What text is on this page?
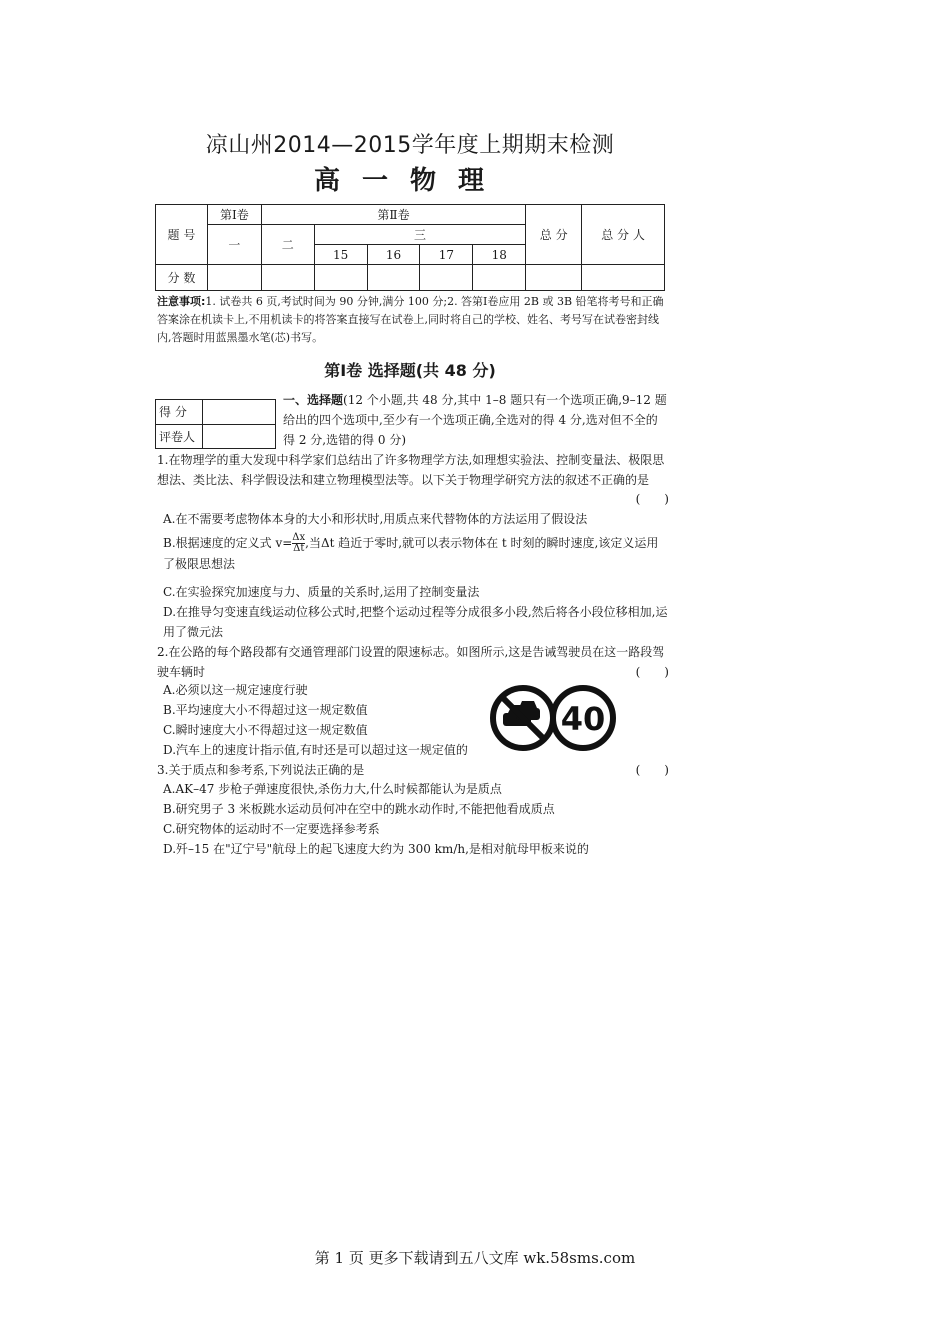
凉山州2014—2015学年度上期期末检测
高一物理
题 号	第Ⅰ卷	第Ⅱ卷					总 分	总 分 人
	一	二	三					
			15	16	17	18		
分 数								
注意事项:1. 试卷共 6 页,考试时间为 90 分钟,满分 100 分;2. 答第Ⅰ卷应用 2B 或 3B 铅笔将考号和正确答案涂在机读卡上,不用机读卡的将答案直接写在试卷上,同时将自己的学校、姓名、考号写在试卷密封线内,答题时用蓝黑墨水笔(芯)书写。
第Ⅰ卷 选择题(共 48 分)
得 分	
评卷人	
一、选择题(12 个小题,共 48 分,其中 1–8 题只有一个选项正确,9–12 题给出的四个选项中,至少有一个选项正确,全选对的得 4 分,选对但不全的得 2 分,选错的得 0 分)
1.在物理学的重大发现中科学家们总结出了许多物理学方法,如理想实验法、控制变量法、极限思想法、类比法、科学假设法和建立物理模型法等。以下关于物理学研究方法的叙述不正确的是
(　　)
A.在不需要考虑物体本身的大小和形状时,用质点来代替物体的方法运用了假设法
B.根据速度的定义式 $v= \frac{\Delta x}{\Delta t}$ ,当Δt 趋近于零时,就可以表示物体在 t 时刻的瞬时速度,该定义运用了极限思想法
C.在实验探究加速度与力、质量的关系时,运用了控制变量法
D.在推导匀变速直线运动位移公式时,把整个运动过程等分成很多小段,然后将各小段位移相加,运用了微元法
2.在公路的每个路段都有交通管理部门设置的限速标志。如图所示,这是告诫驾驶员在这一路段驾驶车辆时	(　　)
A.必须以这一规定速度行驶
B.平均速度大小不得超过这一规定数值
C.瞬时速度大小不得超过这一规定数值
D.汽车上的速度计指示值,有时还是可以超过这一规定值的
40
3.关于质点和参考系,下列说法正确的是	(　　)
A.AK–47 步枪子弹速度很快,杀伤力大,什么时候都能认为是质点
B.研究男子 3 米板跳水运动员何冲在空中的跳水动作时,不能把他看成质点
C.研究物体的运动时不一定要选择参考系
D.歼–15 在"辽宁号"航母上的起飞速度大约为 300 km/h,是相对航母甲板来说的
第 1 页 更多下载请到五八文库 wk.58sms.com
